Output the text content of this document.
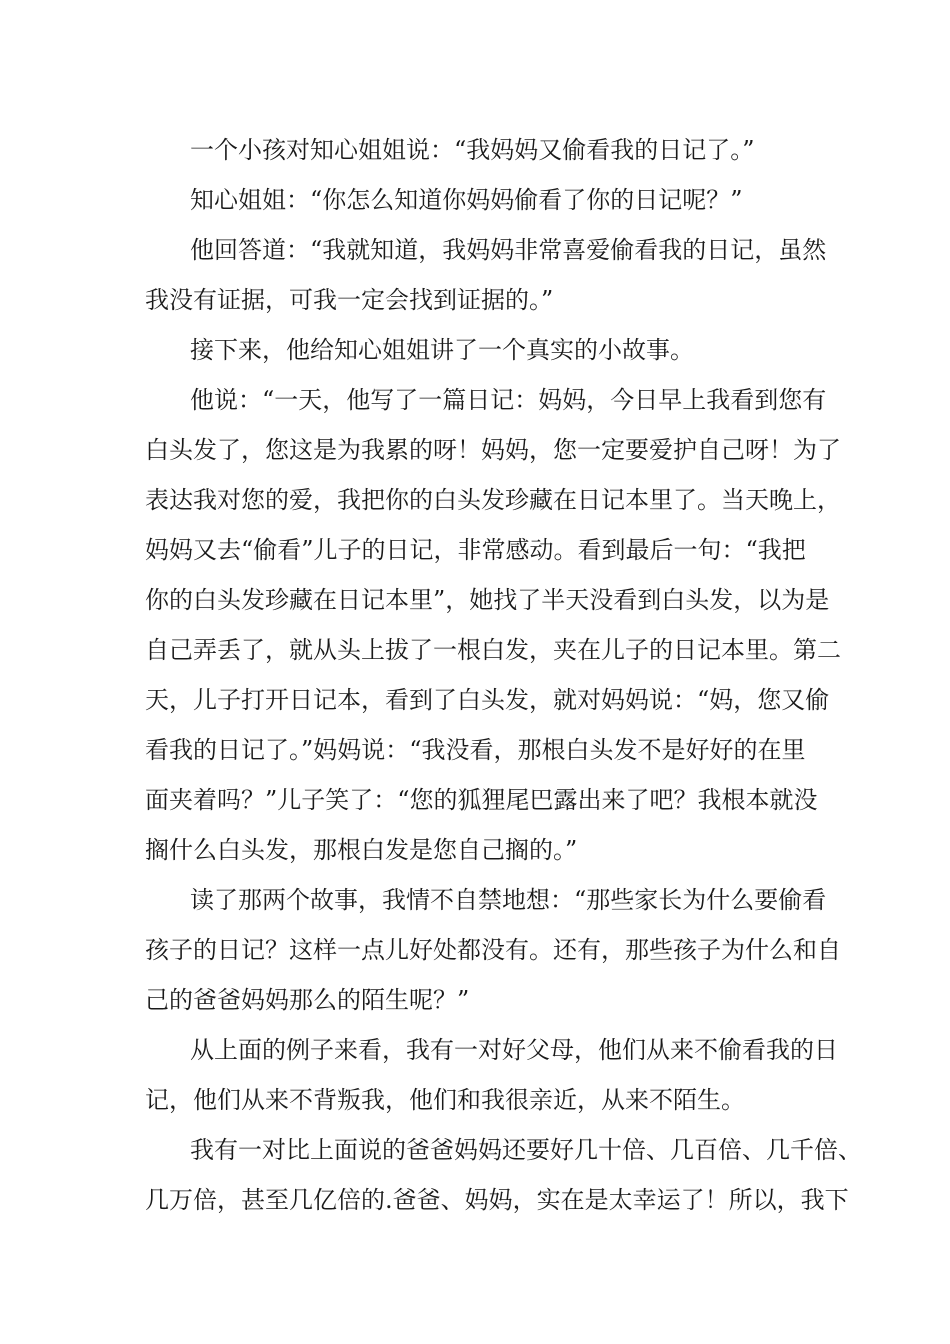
一个小孩对知心姐姐说：“我妈妈又偷看我的日记了。”
知心姐姐：“你怎么知道你妈妈偷看了你的日记呢？”
他回答道：“我就知道，我妈妈非常喜爱偷看我的日记，虽然
我没有证据，可我一定会找到证据的。”
接下来，他给知心姐姐讲了一个真实的小故事。
他说：“一天，他写了一篇日记：妈妈，今日早上我看到您有
白头发了，您这是为我累的呀！妈妈，您一定要爱护自己呀！为了
表达我对您的爱，我把你的白头发珍藏在日记本里了。当天晚上，
妈妈又去“偷看”儿子的日记，非常感动。看到最后一句：“我把
你的白头发珍藏在日记本里”，她找了半天没看到白头发，以为是
自己弄丢了，就从头上拔了一根白发，夹在儿子的日记本里。第二
天，儿子打开日记本，看到了白头发，就对妈妈说：“妈，您又偷
看我的日记了。”妈妈说：“我没看，那根白头发不是好好的在里
面夹着吗？”儿子笑了：“您的狐狸尾巴露出来了吧？我根本就没
搁什么白头发，那根白发是您自己搁的。”
读了那两个故事，我情不自禁地想：“那些家长为什么要偷看
孩子的日记？这样一点儿好处都没有。还有，那些孩子为什么和自
己的爸爸妈妈那么的陌生呢？”
从上面的例子来看，我有一对好父母，他们从来不偷看我的日
记，他们从来不背叛我，他们和我很亲近，从来不陌生。
我有一对比上面说的爸爸妈妈还要好几十倍、几百倍、几千倍、
几万倍，甚至几亿倍的.爸爸、妈妈，实在是太幸运了！所以，我下
